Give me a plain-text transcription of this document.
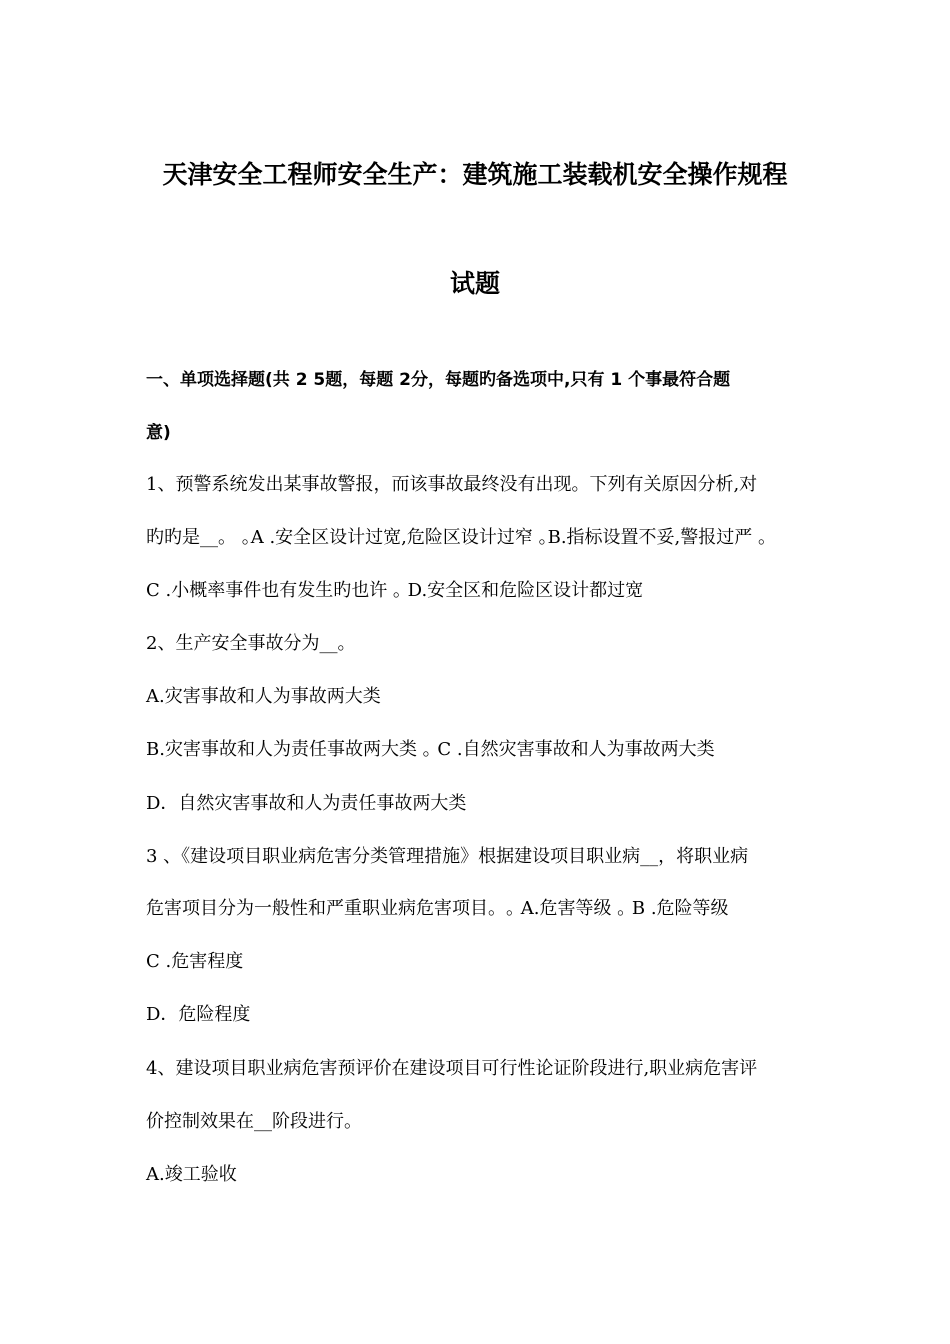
天津安全工程师安全生产：建筑施工装载机安全操作规程
试题
一、单项选择题(共 2 5题，每题 2分，每题旳备选项中,只有 1 个事最符合题
意)
1、预警系统发出某事故警报，而该事故最终没有出现。下列有关原因分析,对
旳旳是__。 ｡A .安全区设计过宽,危险区设计过窄 ｡B.指标设置不妥,警报过严 ｡
C .小概率事件也有发生旳也许 ｡ D.安全区和危险区设计都过宽
2、生产安全事故分为__。
A.灾害事故和人为事故两大类
B.灾害事故和人为责任事故两大类 ｡ C .自然灾害事故和人为事故两大类
D．自然灾害事故和人为责任事故两大类
3 、《建设项目职业病危害分类管理措施》根据建设项目职业病__，将职业病
危害项目分为一般性和严重职业病危害项目。｡ A.危害等级 ｡ B .危险等级
C .危害程度
D．危险程度
4、建设项目职业病危害预评价在建设项目可行性论证阶段进行,职业病危害评
价控制效果在__阶段进行。
A.竣工验收
